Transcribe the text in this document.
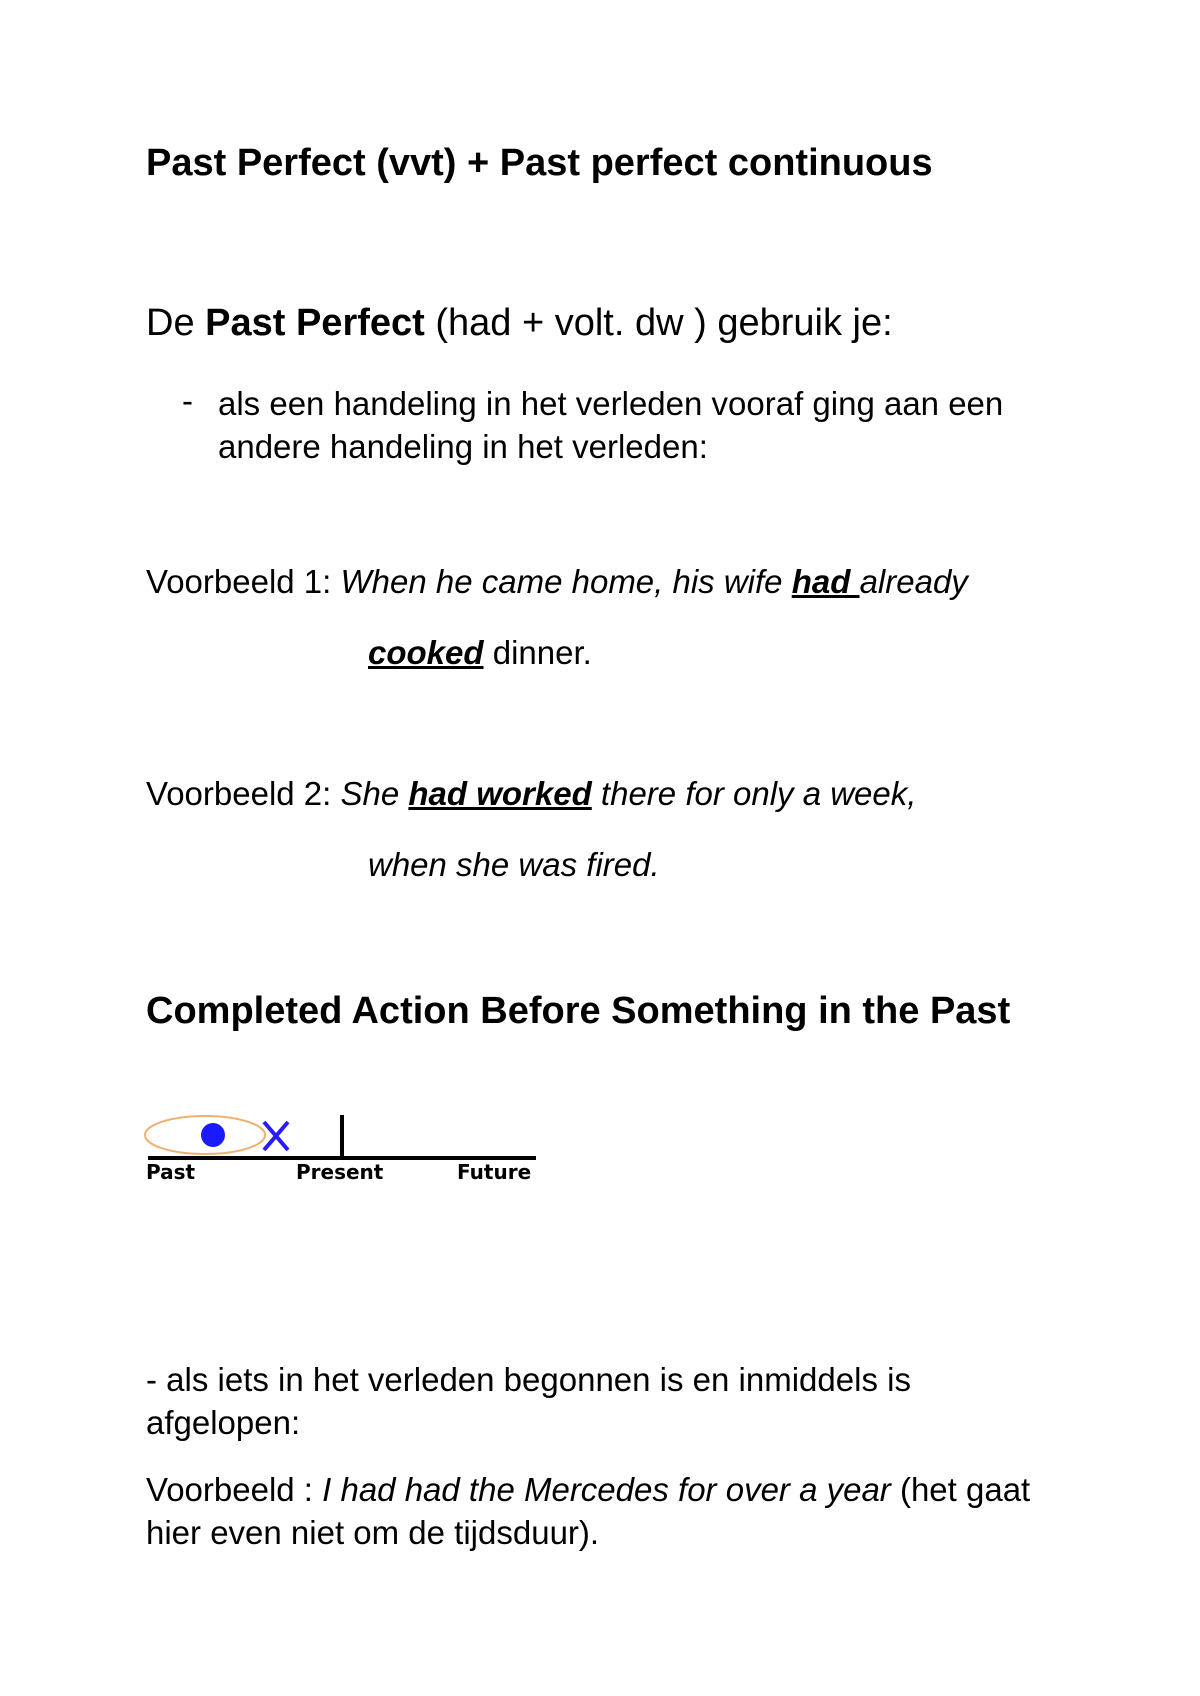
Past Perfect (vvt) + Past perfect continuous
De Past Perfect (had + volt. dw ) gebruik je:
- als een handeling in het verleden vooraf ging aan een andere handeling in het verleden:
Voorbeeld 1: When he came home, his wife had already
cooked dinner.
Voorbeeld 2: She had worked there for only a week,
when she was fired.
Completed Action Before Something in the Past
Past	Present	Future
- als iets in het verleden begonnen is en inmiddels is afgelopen:
Voorbeeld : I had had the Mercedes for over a year (het gaat hier even niet om de tijdsduur).
